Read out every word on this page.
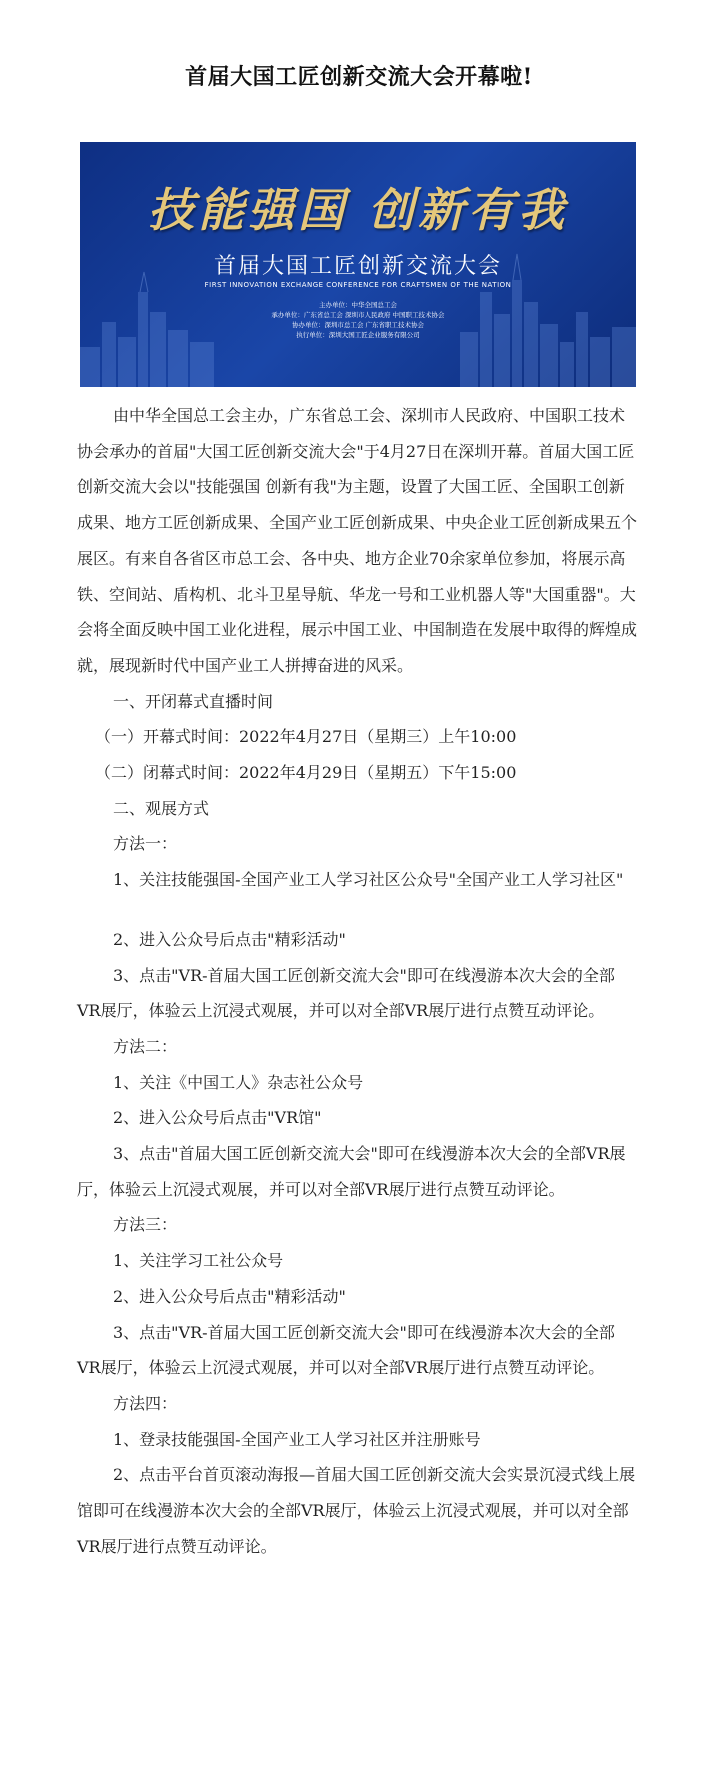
首届大国工匠创新交流大会开幕啦!
技能强国 创新有我
首届大国工匠创新交流大会
FIRST INNOVATION EXCHANGE CONFERENCE FOR CRAFTSMEN OF THE NATION
主办单位：中华全国总工会
承办单位：广东省总工会 深圳市人民政府 中国职工技术协会
协办单位：深圳市总工会 广东省职工技术协会
执行单位：深圳大国工匠企业服务有限公司

由中华全国总工会主办，广东省总工会、深圳市人民政府、中国职工技术协会承办的首届"大国工匠创新交流大会"于4月27日在深圳开幕。首届大国工匠创新交流大会以"技能强国 创新有我"为主题，设置了大国工匠、全国职工创新成果、地方工匠创新成果、全国产业工匠创新成果、中央企业工匠创新成果五个展区。有来自各省区市总工会、各中央、地方企业70余家单位参加，将展示高铁、空间站、盾构机、北斗卫星导航、华龙一号和工业机器人等"大国重器"。大会将全面反映中国工业化进程，展示中国工业、中国制造在发展中取得的辉煌成就，展现新时代中国产业工人拼搏奋进的风采。

一、开闭幕式直播时间

（一）开幕式时间：2022年4月27日（星期三）上午10:00

（二）闭幕式时间：2022年4月29日（星期五）下午15:00

二、观展方式

方法一：

1、关注技能强国-全国产业工人学习社区公众号"全国产业工人学习社区"

2、进入公众号后点击"精彩活动"

3、点击"VR-首届大国工匠创新交流大会"即可在线漫游本次大会的全部VR展厅，体验云上沉浸式观展，并可以对全部VR展厅进行点赞互动评论。

方法二：

1、关注《中国工人》杂志社公众号

2、进入公众号后点击"VR馆"

3、点击"首届大国工匠创新交流大会"即可在线漫游本次大会的全部VR展厅，体验云上沉浸式观展，并可以对全部VR展厅进行点赞互动评论。

方法三：

1、关注学习工社公众号

2、进入公众号后点击"精彩活动"

3、点击"VR-首届大国工匠创新交流大会"即可在线漫游本次大会的全部VR展厅，体验云上沉浸式观展，并可以对全部VR展厅进行点赞互动评论。

方法四：

1、登录技能强国-全国产业工人学习社区并注册账号

2、点击平台首页滚动海报—首届大国工匠创新交流大会实景沉浸式线上展馆即可在线漫游本次大会的全部VR展厅，体验云上沉浸式观展，并可以对全部VR展厅进行点赞互动评论。
